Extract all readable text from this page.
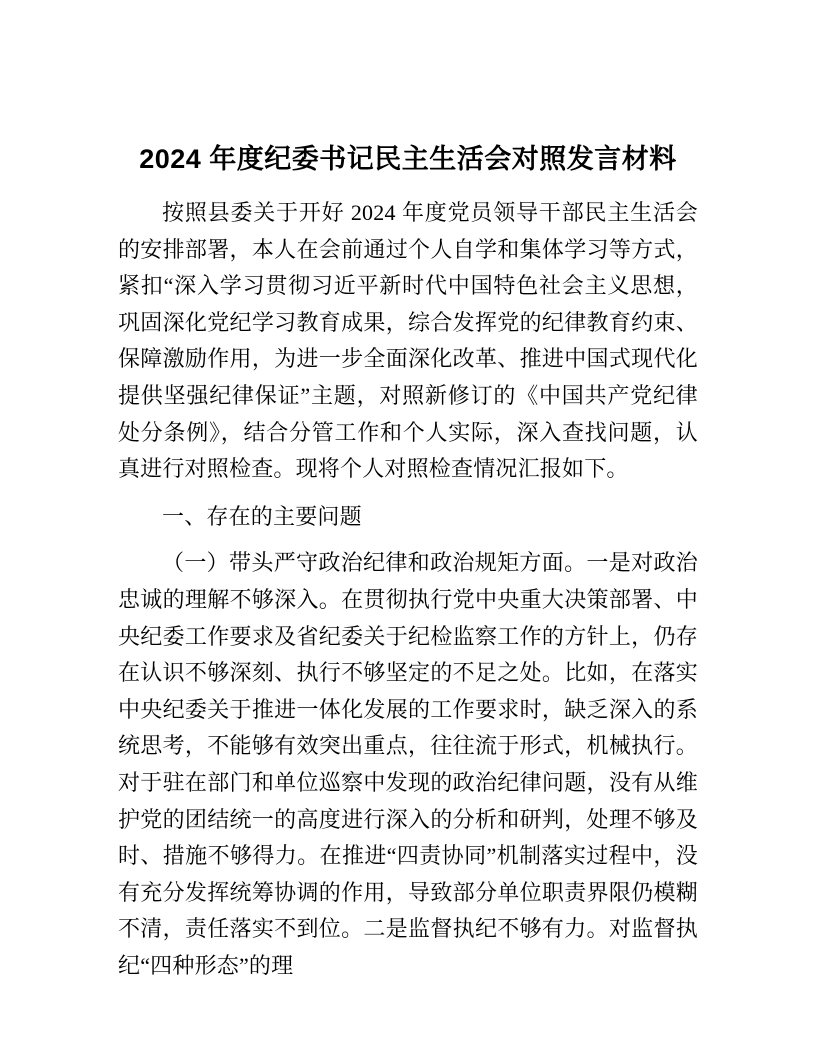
2024 年度纪委书记民主生活会对照发言材料

按照县委关于开好 2024 年度党员领导干部民主生活会的安排部署，本人在会前通过个人自学和集体学习等方式，紧扣“深入学习贯彻习近平新时代中国特色社会主义思想，巩固深化党纪学习教育成果，综合发挥党的纪律教育约束、保障激励作用，为进一步全面深化改革、推进中国式现代化提供坚强纪律保证”主题，对照新修订的《中国共产党纪律处分条例》，结合分管工作和个人实际，深入查找问题，认真进行对照检查。现将个人对照检查情况汇报如下。

一、存在的主要问题

（一）带头严守政治纪律和政治规矩方面。一是对政治忠诚的理解不够深入。在贯彻执行党中央重大决策部署、中央纪委工作要求及省纪委关于纪检监察工作的方针上，仍存在认识不够深刻、执行不够坚定的不足之处。比如，在落实中央纪委关于推进一体化发展的工作要求时，缺乏深入的系统思考，不能够有效突出重点，往往流于形式，机械执行。对于驻在部门和单位巡察中发现的政治纪律问题，没有从维护党的团结统一的高度进行深入的分析和研判，处理不够及时、措施不够得力。在推进“四责协同”机制落实过程中，没有充分发挥统筹协调的作用，导致部分单位职责界限仍模糊不清，责任落实不到位。二是监督执纪不够有力。对监督执纪“四种形态”的理
